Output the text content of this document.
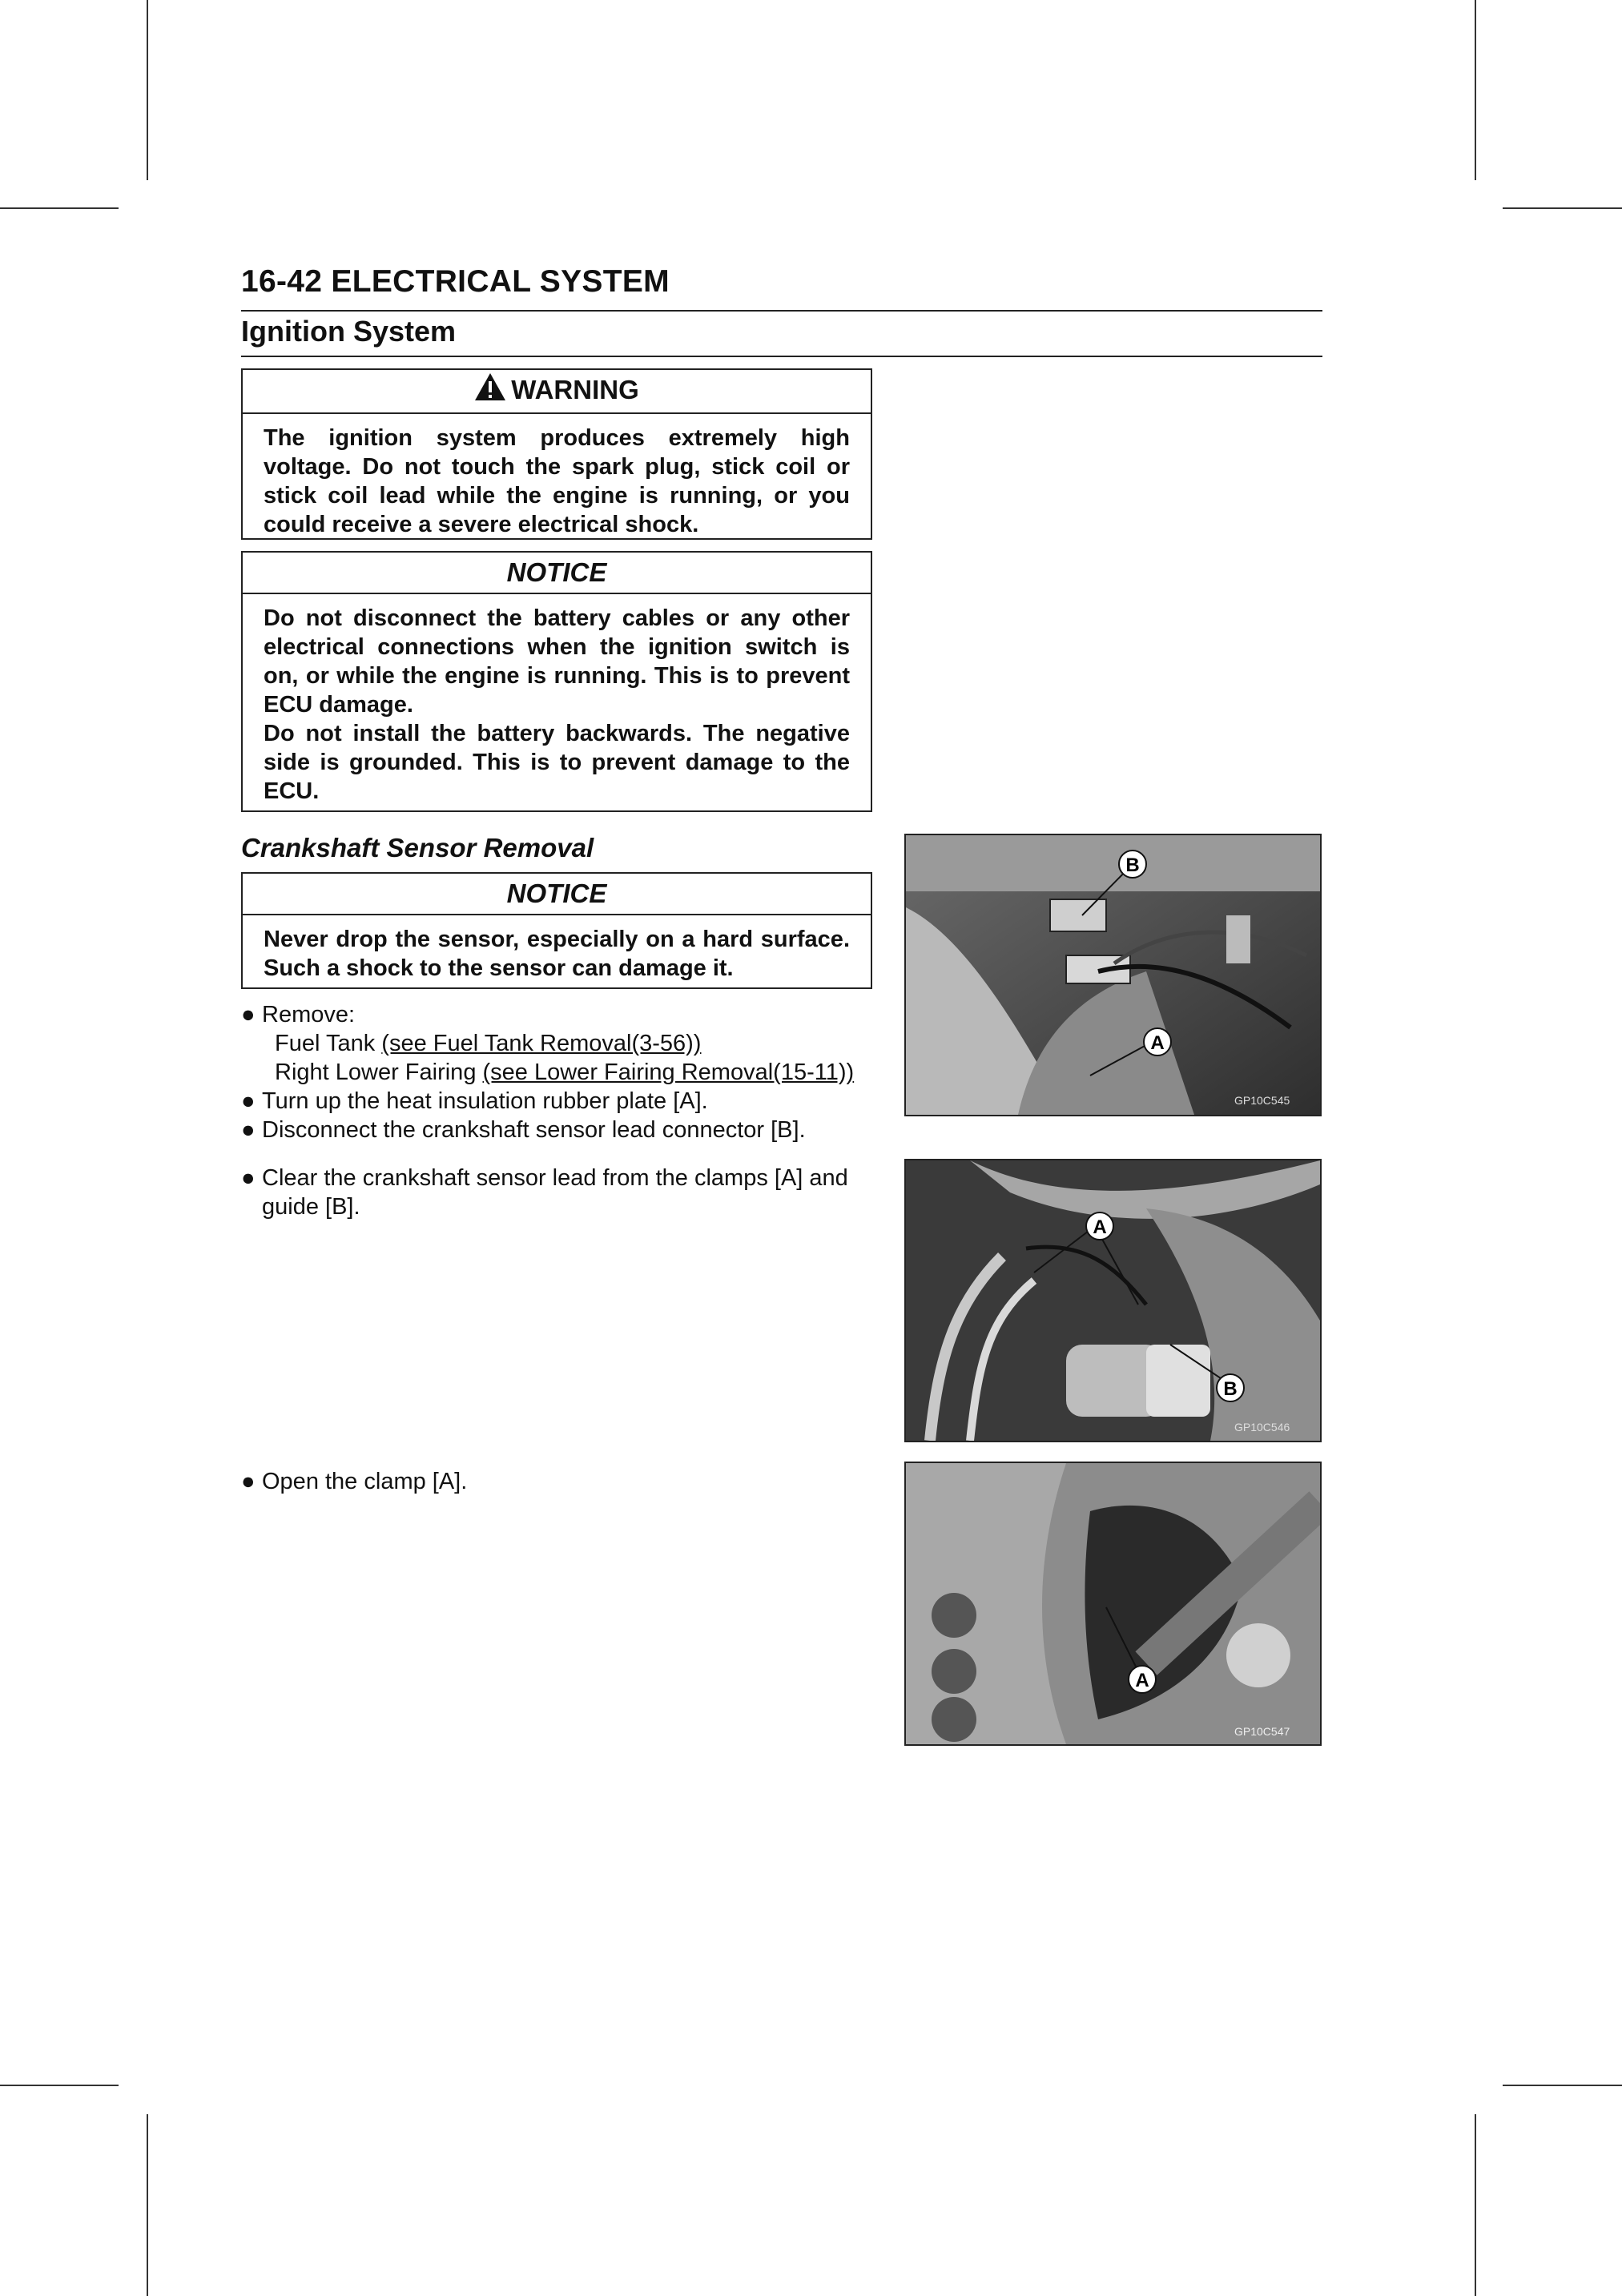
16-42 ELECTRICAL SYSTEM
Ignition System
WARNING

The ignition system produces extremely high voltage. Do not touch the spark plug, stick coil or stick coil lead while the engine is running, or you could receive a severe electrical shock.

NOTICE

Do not disconnect the battery cables or any other electrical connections when the ignition switch is on, or while the engine is running. This is to prevent ECU damage.

Do not install the battery backwards. The negative side is grounded. This is to prevent damage to the ECU.

Crankshaft Sensor Removal
NOTICE

Never drop the sensor, especially on a hard surface. Such a shock to the sensor can damage it.

● Remove:
Fuel Tank (see Fuel Tank Removal(3-56))
Right Lower Fairing (see Lower Fairing Removal(15-11))
● Turn up the heat insulation rubber plate [A].
● Disconnect the crankshaft sensor lead connector [B].
● Clear the crankshaft sensor lead from the clamps [A] and guide [B].
● Open the clamp [A].
B
A
GP10C545
A
B
GP10C546
A
GP10C547
